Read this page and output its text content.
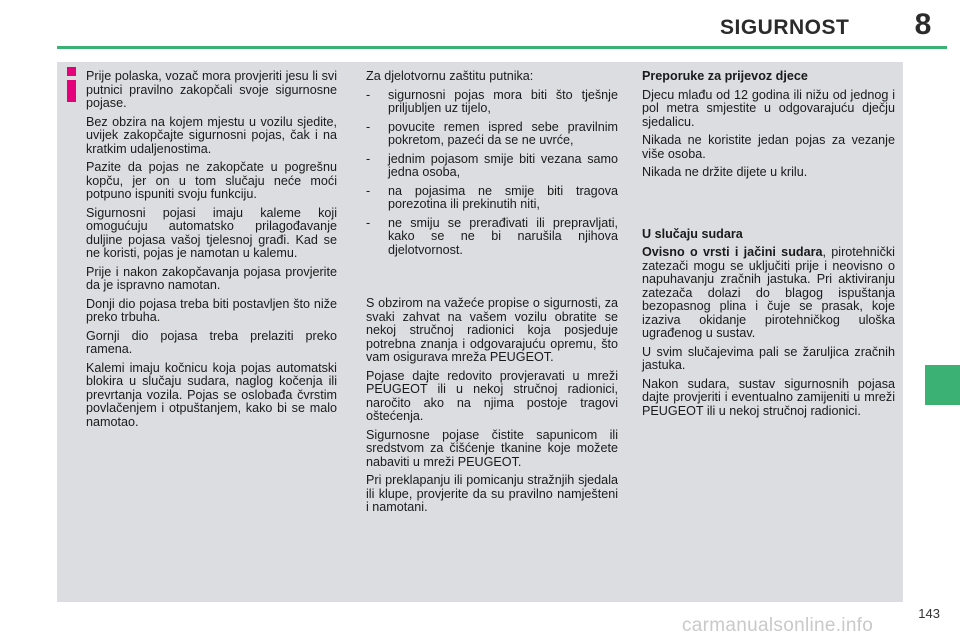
SIGURNOST	8

Prije polaska, vozač mora provjeriti jesu li svi putnici pravilno zakopčali svoje sigurnosne pojase.

Bez obzira na kojem mjestu u vozilu sjedite, uvijek zakopčajte sigurnosni pojas, čak i na kratkim udaljenostima.

Pazite da pojas ne zakopčate u pogrešnu kopču, jer on u tom slučaju neće moći potpuno ispuniti svoju funkciju.

Sigurnosni pojasi imaju kaleme koji omogućuju automatsko prilagođavanje duljine pojasa vašoj tjelesnoj građi. Kad se ne koristi, pojas je namotan u kalemu.

Prije i nakon zakopčavanja pojasa provjerite da je ispravno namotan.

Donji dio pojasa treba biti postavljen što niže preko trbuha.

Gornji dio pojasa treba prelaziti preko ramena.

Kalemi imaju kočnicu koja pojas automatski blokira u slučaju sudara, naglog kočenja ili prevrtanja vozila. Pojas se oslobađa čvrstim povlačenjem i otpuštanjem, kako bi se malo namotao.

Za djelotvornu zaštitu putnika:

-	sigurnosni pojas mora biti što tješnje priljubljen uz tijelo,
-	povucite remen ispred sebe pravilnim pokretom, pazeći da se ne uvrće,
-	jednim pojasom smije biti vezana samo jedna osoba,
-	na pojasima ne smije biti tragova porezotina ili prekinutih niti,
-	ne smiju se prerađivati ili prepravljati, kako se ne bi narušila njihova djelotvornost.

S obzirom na važeće propise o sigurnosti, za svaki zahvat na vašem vozilu obratite se nekoj stručnoj radionici koja posjeduje potrebna znanja i odgovarajuću opremu, što vam osigurava mreža PEUGEOT.

Pojase dajte redovito provjeravati u mreži PEUGEOT ili u nekoj stručnoj radionici, naročito ako na njima postoje tragovi oštećenja.

Sigurnosne pojase čistite sapunicom ili sredstvom za čišćenje tkanine koje možete nabaviti u mreži PEUGEOT.

Pri preklapanju ili pomicanju stražnjih sjedala ili klupe, provjerite da su pravilno namješteni i namotani.

Preporuke za prijevoz djece

Djecu mlađu od 12 godina ili nižu od jednog i pol metra smjestite u odgovarajuću dječju sjedalicu.

Nikada ne koristite jedan pojas za vezanje više osoba.

Nikada ne držite dijete u krilu.

U slučaju sudara

Ovisno o vrsti i jačini sudara, pirotehnički zatezači mogu se uključiti prije i neovisno o napuhavanju zračnih jastuka. Pri aktiviranju zatezača dolazi do blagog ispuštanja bezopasnog plina i čuje se prasak, koje izaziva okidanje pirotehničkog uloška ugrađenog u sustav.

U svim slučajevima pali se žaruljica zračnih jastuka.

Nakon sudara, sustav sigurnosnih pojasa dajte provjeriti i eventualno zamijeniti u mreži PEUGEOT ili u nekoj stručnoj radionici.

143
carmanualsonline.info
